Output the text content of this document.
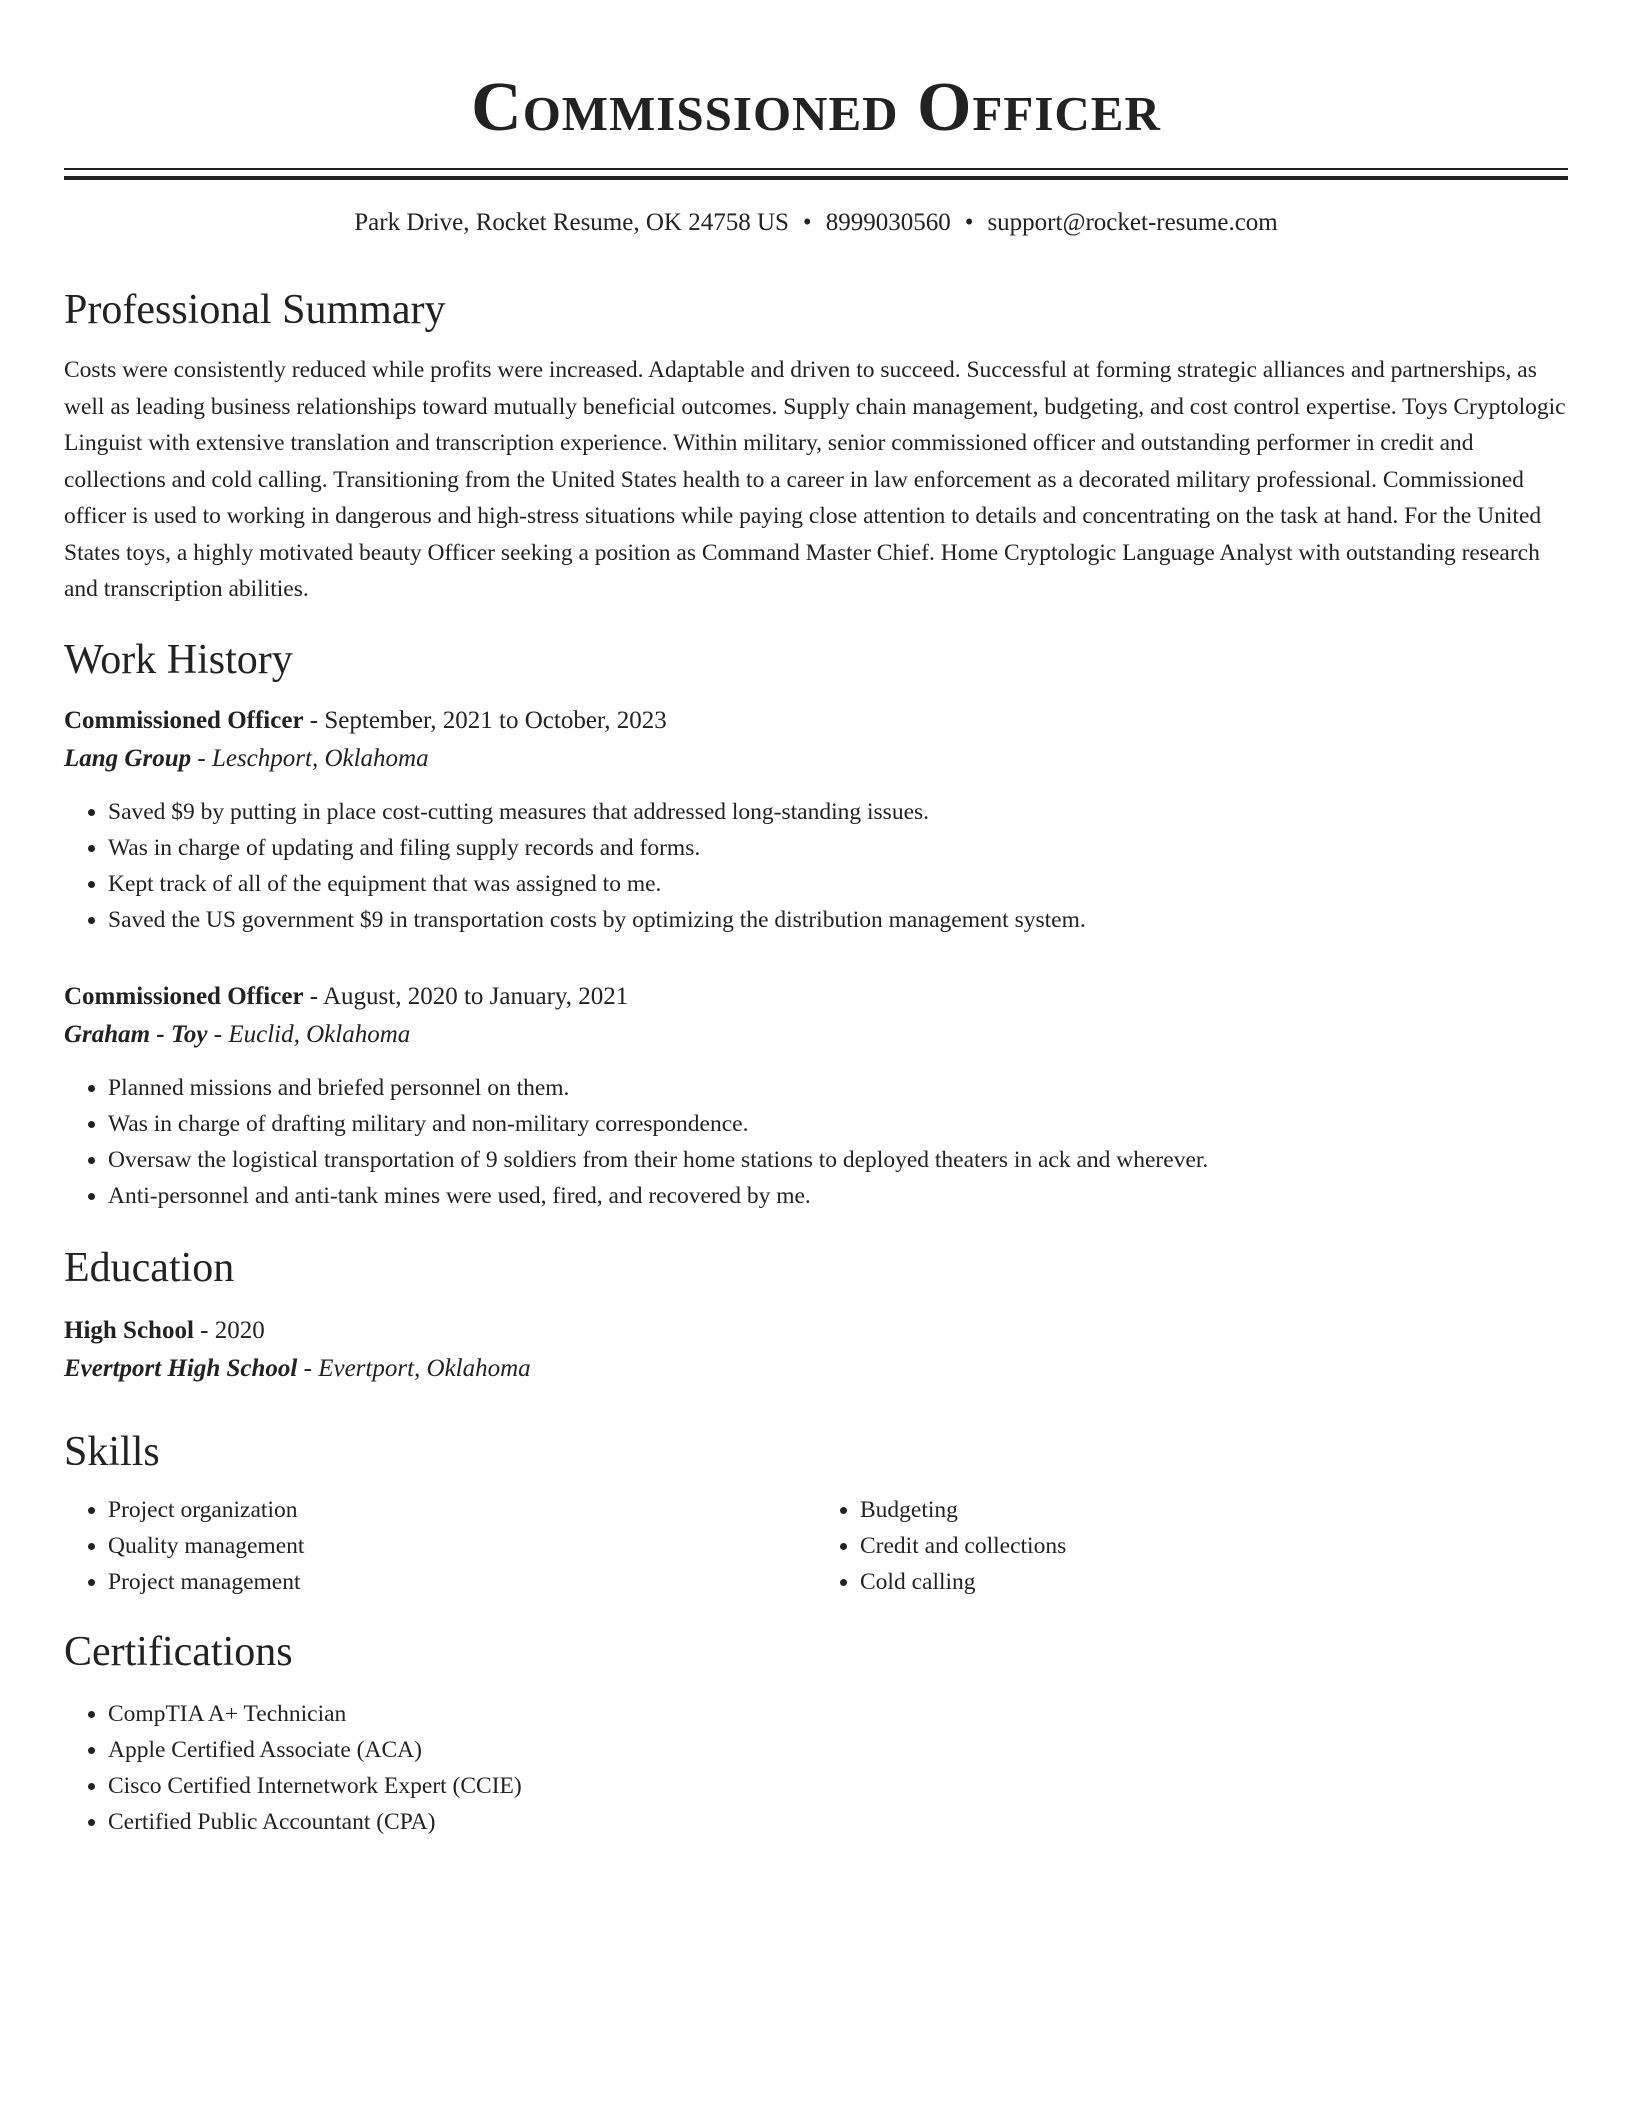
Commissioned Officer
Park Drive, Rocket Resume, OK 24758 US • 8999030560 • support@rocket-resume.com
Professional Summary

Costs were consistently reduced while profits were increased. Adaptable and driven to succeed. Successful at forming strategic alliances and partnerships, as well as leading business relationships toward mutually beneficial outcomes. Supply chain management, budgeting, and cost control expertise. Toys Cryptologic Linguist with extensive translation and transcription experience. Within military, senior commissioned officer and outstanding performer in credit and collections and cold calling. Transitioning from the United States health to a career in law enforcement as a decorated military professional. Commissioned officer is used to working in dangerous and high-stress situations while paying close attention to details and concentrating on the task at hand. For the United States toys, a highly motivated beauty Officer seeking a position as Command Master Chief. Home Cryptologic Language Analyst with outstanding research and transcription abilities.

Work History
Commissioned Officer - September, 2021 to October, 2023
Lang Group - Leschport, Oklahoma
• Saved $9 by putting in place cost-cutting measures that addressed long-standing issues.
• Was in charge of updating and filing supply records and forms.
• Kept track of all of the equipment that was assigned to me.
• Saved the US government $9 in transportation costs by optimizing the distribution management system.
Commissioned Officer - August, 2020 to January, 2021
Graham - Toy - Euclid, Oklahoma
• Planned missions and briefed personnel on them.
• Was in charge of drafting military and non-military correspondence.
• Oversaw the logistical transportation of 9 soldiers from their home stations to deployed theaters in ack and wherever.
• Anti-personnel and anti-tank mines were used, fired, and recovered by me.
Education
High School - 2020
Evertport High School - Evertport, Oklahoma
Skills
• Project organization
• Quality management
• Project management
• Budgeting
• Credit and collections
• Cold calling
Certifications
• CompTIA A+ Technician
• Apple Certified Associate (ACA)
• Cisco Certified Internetwork Expert (CCIE)
• Certified Public Accountant (CPA)
